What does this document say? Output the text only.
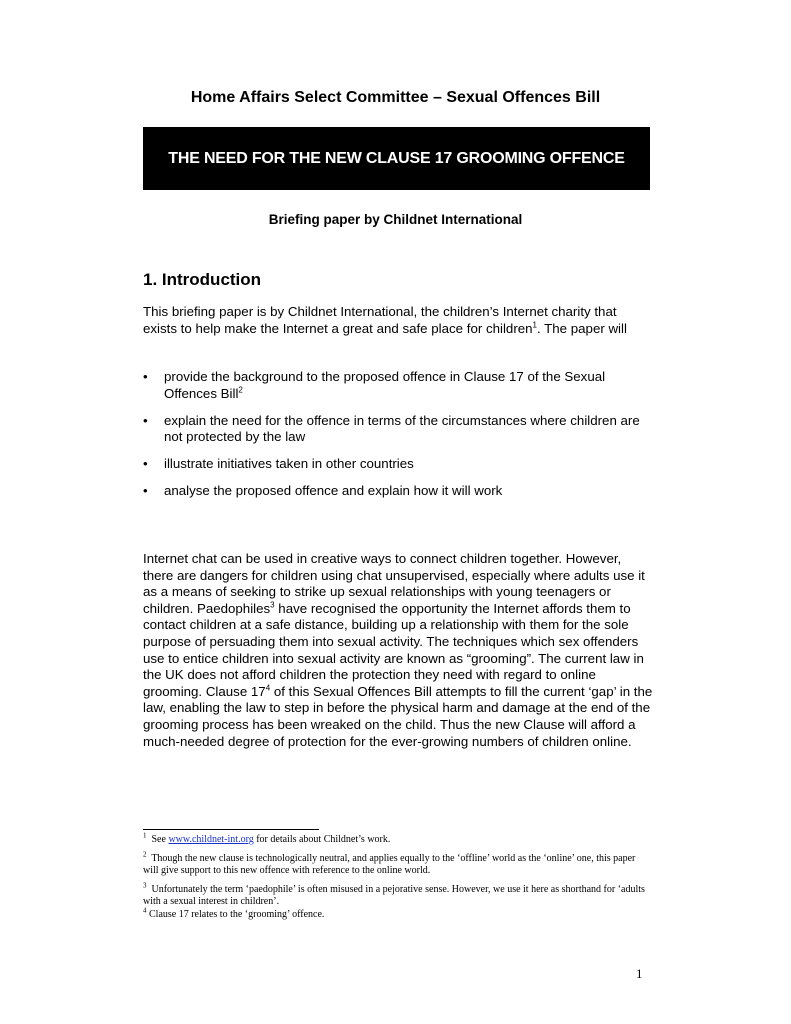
Home Affairs Select Committee – Sexual Offences Bill
THE NEED FOR THE NEW CLAUSE 17 GROOMING OFFENCE
Briefing paper by Childnet International
1. Introduction

This briefing paper is by Childnet International, the children’s Internet charity that exists to help make the Internet a great and safe place for children$^1$. The paper will

• provide the background to the proposed offence in Clause 17 of the Sexual Offences Bill$^2$
• explain the need for the offence in terms of the circumstances where children are not protected by the law
• illustrate initiatives taken in other countries
• analyse the proposed offence and explain how it will work

Internet chat can be used in creative ways to connect children together. However, there are dangers for children using chat unsupervised, especially where adults use it as a means of seeking to strike up sexual relationships with young teenagers or children. Paedophiles$^3$ have recognised the opportunity the Internet affords them to contact children at a safe distance, building up a relationship with them for the sole purpose of persuading them into sexual activity. The techniques which sex offenders use to entice children into sexual activity are known as “grooming”. The current law in the UK does not afford children the protection they need with regard to online grooming. Clause $17^4$ of this Sexual Offences Bill attempts to fill the current ‘gap’ in the law, enabling the law to step in before the physical harm and damage at the end of the grooming process has been wreaked on the child. Thus the new Clause will afford a much-needed degree of protection for the ever-growing numbers of children online.

$^1$ See www.childnet-int.org for details about Childnet’s work.
$^2$ Though the new clause is technologically neutral, and applies equally to the ‘offline’ world as the ‘online’ one, this paper will give support to this new offence with reference to the online world.
$^3$ Unfortunately the term ‘paedophile’ is often misused in a pejorative sense. However, we use it here as shorthand for ‘adults with a sexual interest in children’.
$^4$ Clause 17 relates to the ‘grooming’ offence.
1
